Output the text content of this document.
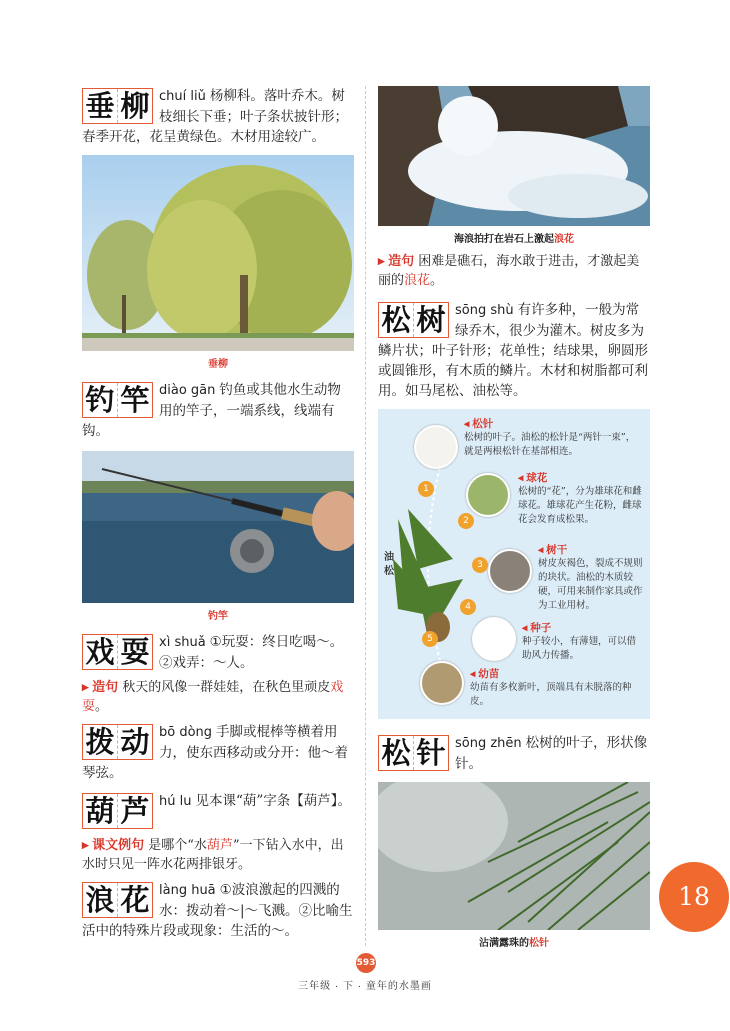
垂 柳 chuí liǔ 杨柳科。落叶乔木。树枝细长下垂；叶子条状披针形；春季开花，花呈黄绿色。木材用途较广。
垂柳
钓 竿 diào gān 钓鱼或其他水生动物用的竿子，一端系线，线端有钩。
钓竿
戏 耍 xì shuǎ ①玩耍：终日吃喝～。②戏弄：～人。
▸ 造句 秋天的风像一群娃娃，在秋色里顽皮戏耍。
拨 动 bō dòng 手脚或棍棒等横着用力，使东西移动或分开：他～着琴弦。
葫 芦 hú lu 见本课“葫”字条【葫芦】。
▸ 课文例句 是哪个“水葫芦”一下钻入水中，出水时只见一阵水花两排银牙。
浪 花 làng huā ①波浪激起的四溅的水：拨动着～|～飞溅。②比喻生活中的特殊片段或现象：生活的～。
海浪拍打在岩石上激起浪花
▸ 造句 困难是礁石，海水敢于进击，才激起美丽的浪花。
松 树 sōng shù 有许多种，一般为常绿乔木，很少为灌木。树皮多为鳞片状；叶子针形；花单性；结球果，卵圆形或圆锥形，有木质的鳞片。木材和树脂都可利用。如马尾松、油松等。
油松
1
◂ 松针
松树的叶子。油松的松针是“两针一束”，就是两根松针在基部相连。
2
◂ 球花
松树的“花”，分为雄球花和雌球花。雄球花产生花粉，雌球花会发育成松果。
3
◂ 树干
树皮灰褐色，裂成不规则的块状。油松的木质较硬，可用来制作家具或作为工业用材。
4
◂ 种子
种子较小，有薄翅，可以借助风力传播。
5
◂ 幼苗
幼苗有多枚新叶，顶端具有未脱落的种皮。
松 针 sōng zhēn 松树的叶子，形状像针。
沾满露珠的松针
18
593
三年级 · 下 · 童年的水墨画
